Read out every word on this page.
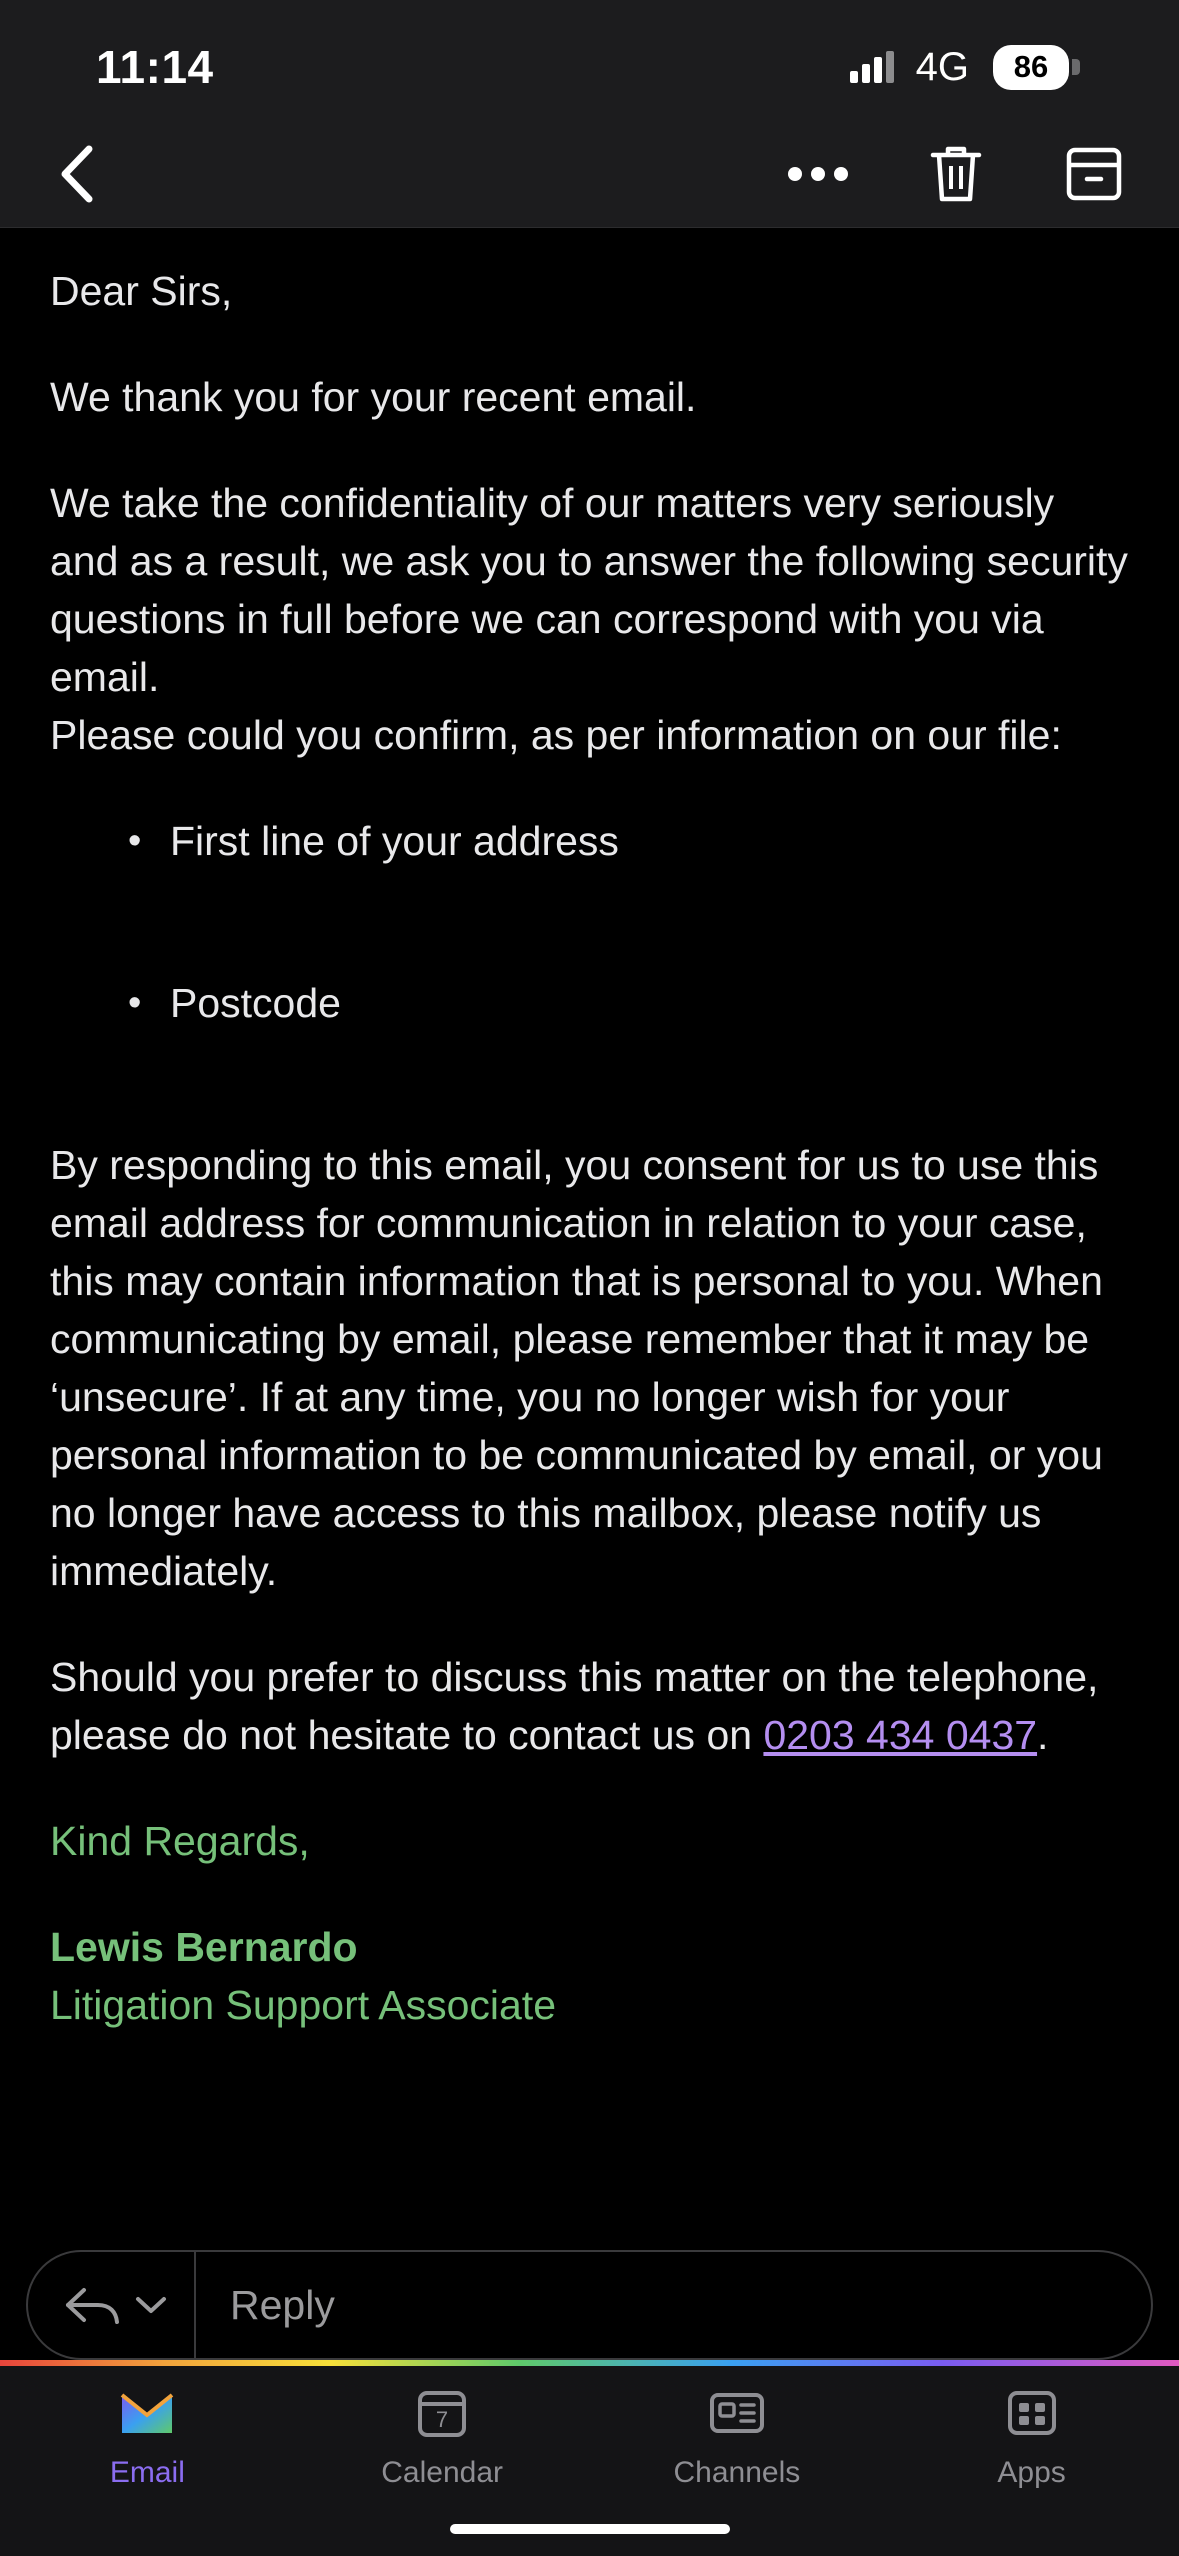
11:14	4G	86

Dear Sirs,

We thank you for your recent email.

We take the confidentiality of our matters very seriously and as a result, we ask you to answer the following security questions in full before we can correspond with you via email.

Please could you confirm, as per information on our file:

• First line of your address
• Postcode

By responding to this email, you consent for us to use this email address for communication in relation to your case, this may contain information that is personal to you. When communicating by email, please remember that it may be ‘unsecure’. If at any time, you no longer wish for your personal information to be communicated by email, or you no longer have access to this mailbox, please notify us immediately.

Should you prefer to discuss this matter on the telephone, please do not hesitate to contact us on 0203 434 0437.

Kind Regards,
Lewis Bernardo
Litigation Support Associate
Reply
Email
7
Calendar	Channels	Apps
